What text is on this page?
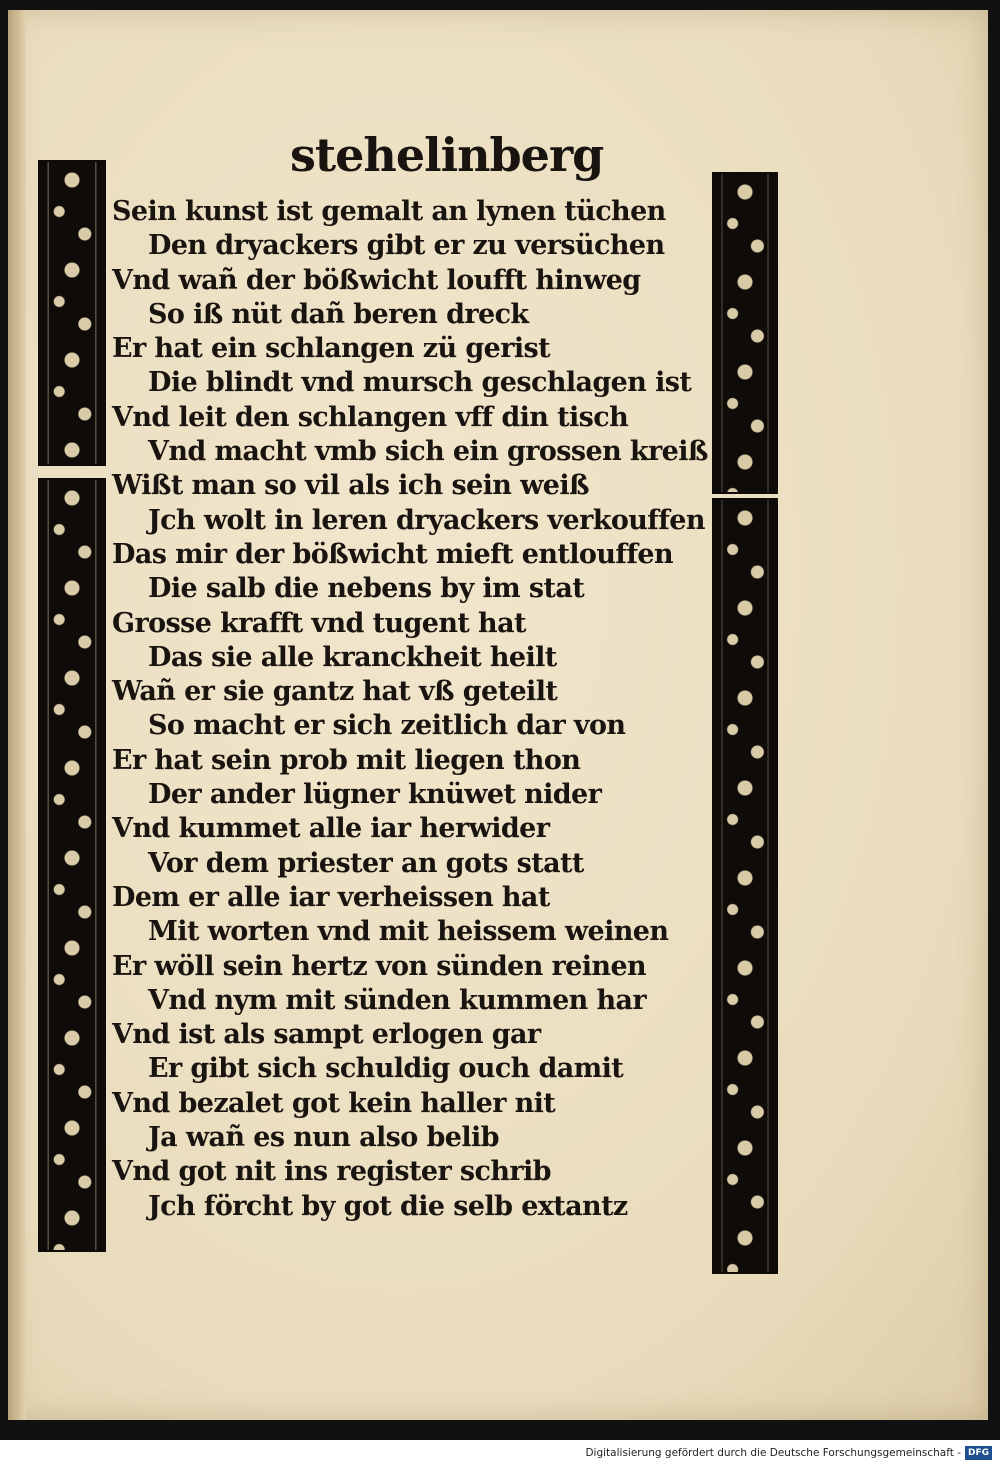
stehelinberg
Sein kunst ist gemalt an lynen tüchen
Den dryackers gibt er zu versüchen
Vnd wañ der bößwicht loufft hinweg
So iß nüt dañ beren dreck
Er hat ein schlangen zü gerist
Die blindt vnd mursch geschlagen ist
Vnd leit den schlangen vff din tisch
Vnd macht vmb sich ein grossen kreiß
Wißt man so vil als ich sein weiß
Jch wolt in leren dryackers verkouffen
Das mir der bößwicht mieft entlouffen
Die salb die nebens by im stat
Grosse krafft vnd tugent hat
Das sie alle kranckheit heilt
Wañ er sie gantz hat vß geteilt
So macht er sich zeitlich dar von
Er hat sein prob mit liegen thon
Der ander lügner knüwet nider
Vnd kummet alle iar herwider
Vor dem priester an gots statt
Dem er alle iar verheissen hat
Mit worten vnd mit heissem weinen
Er wöll sein hertz von sünden reinen
Vnd nym mit sünden kummen har
Vnd ist als sampt erlogen gar
Er gibt sich schuldig ouch damit
Vnd bezalet got kein haller nit
Ja wañ es nun also belib
Vnd got nit ins register schrib
Jch förcht by got die selb extantz
Digitalisierung gefördert durch die Deutsche Forschungsgemeinschaft - DFG
